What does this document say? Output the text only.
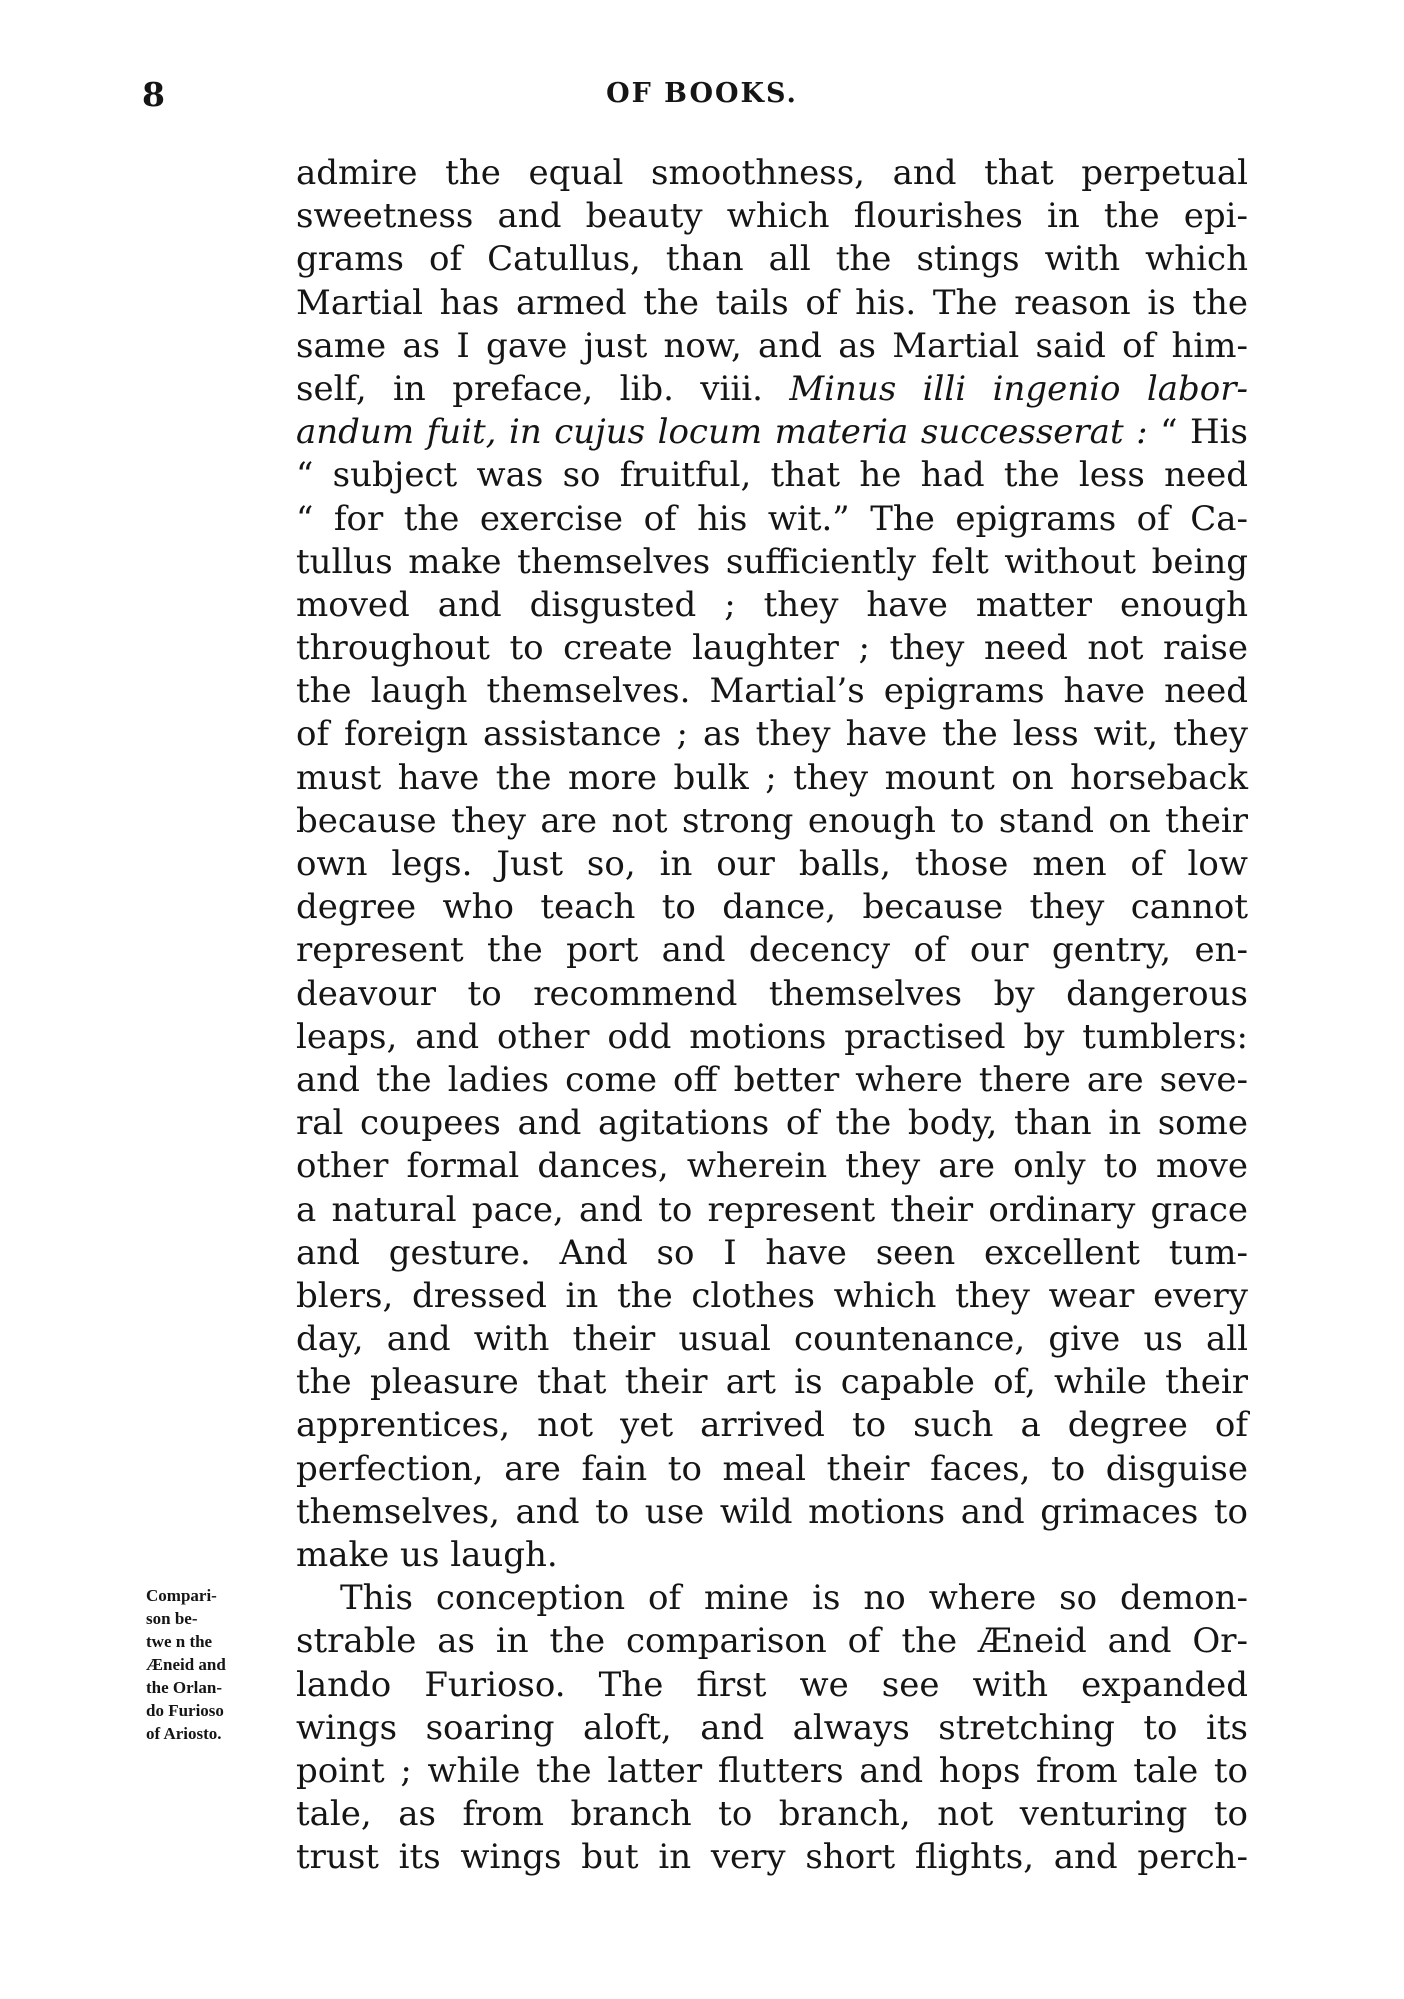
8	OF BOOKS.
admire the equal smoothness, and that perpetual
sweetness and beauty which flourishes in the epi-
grams of Catullus, than all the stings with which
Martial has armed the tails of his. The reason is the
same as I gave just now, and as Martial said of him-
self, in preface, lib. viii. Minus illi ingenio labor-
andum fuit, in cujus locum materia successerat : “ His
“ subject was so fruitful, that he had the less need
“ for the exercise of his wit.” The epigrams of Ca-
tullus make themselves sufficiently felt without being
moved and disgusted ; they have matter enough
throughout to create laughter ; they need not raise
the laugh themselves. Martial’s epigrams have need
of foreign assistance ; as they have the less wit, they
must have the more bulk ; they mount on horseback
because they are not strong enough to stand on their
own legs. Just so, in our balls, those men of low
degree who teach to dance, because they cannot
represent the port and decency of our gentry, en-
deavour to recommend themselves by dangerous
leaps, and other odd motions practised by tumblers:
and the ladies come off better where there are seve-
ral coupees and agitations of the body, than in some
other formal dances, wherein they are only to move
a natural pace, and to represent their ordinary grace
and gesture. And so I have seen excellent tum-
blers, dressed in the clothes which they wear every
day, and with their usual countenance, give us all
the pleasure that their art is capable of, while their
apprentices, not yet arrived to such a degree of
perfection, are fain to meal their faces, to disguise
themselves, and to use wild motions and grimaces to
make us laugh.
This conception of mine is no where so demon-
strable as in the comparison of the Æneid and Or-
lando Furioso. The first we see with expanded
wings soaring aloft, and always stretching to its
point ; while the latter flutters and hops from tale to
tale, as from branch to branch, not venturing to
trust its wings but in very short flights, and perch-
Compari-
son be-
twe n the
Æneid and
the Orlan-
do Furioso
of Ariosto.
